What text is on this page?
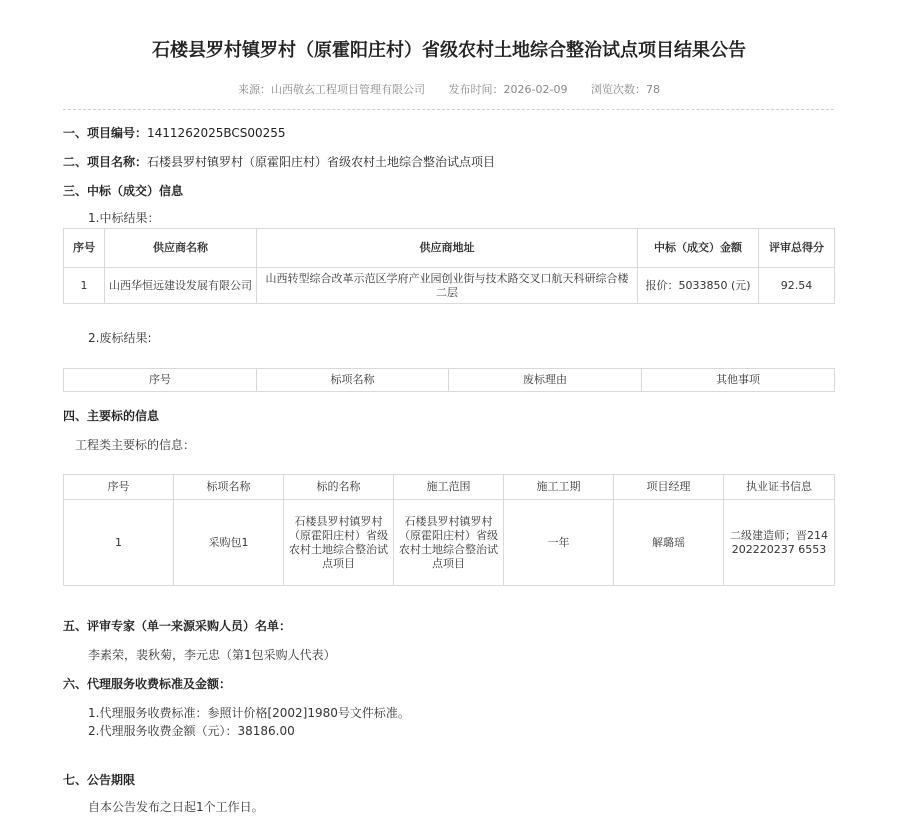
石楼县罗村镇罗村（原霍阳庄村）省级农村土地综合整治试点项目结果公告
来源：山西敬玄工程项目管理有限公司 发布时间：2026-02-09 浏览次数：78
一、项目编号：1411262025BCS00255
二、项目名称：石楼县罗村镇罗村（原霍阳庄村）省级农村土地综合整治试点项目
三、中标（成交）信息
1.中标结果：
序号	供应商名称	供应商地址	中标（成交）金额	评审总得分
1	山西华恒远建设发展有限公司	山西转型综合改革示范区学府产业园创业街与技术路交叉口航天科研综合楼二层	报价：5033850 (元)	92.54
2.废标结果:
序号	标项名称	废标理由	其他事项
四、主要标的信息
工程类主要标的信息：
序号	标项名称	标的名称	施工范围	施工工期	项目经理	执业证书信息
1	采购包1	石楼县罗村镇罗村（原霍阳庄村）省级农村土地综合整治试点项目	石楼县罗村镇罗村（原霍阳庄村）省级农村土地综合整治试点项目	一年	解璐瑶	二级建造师；晋214202220237 6553
五、评审专家（单一来源采购人员）名单：
李素荣，裴秋菊，李元忠（第1包采购人代表）
六、代理服务收费标准及金额：
1.代理服务收费标准：参照计价格[2002]1980号文件标准。
2.代理服务收费金额（元）：38186.00
七、公告期限
自本公告发布之日起1个工作日。
